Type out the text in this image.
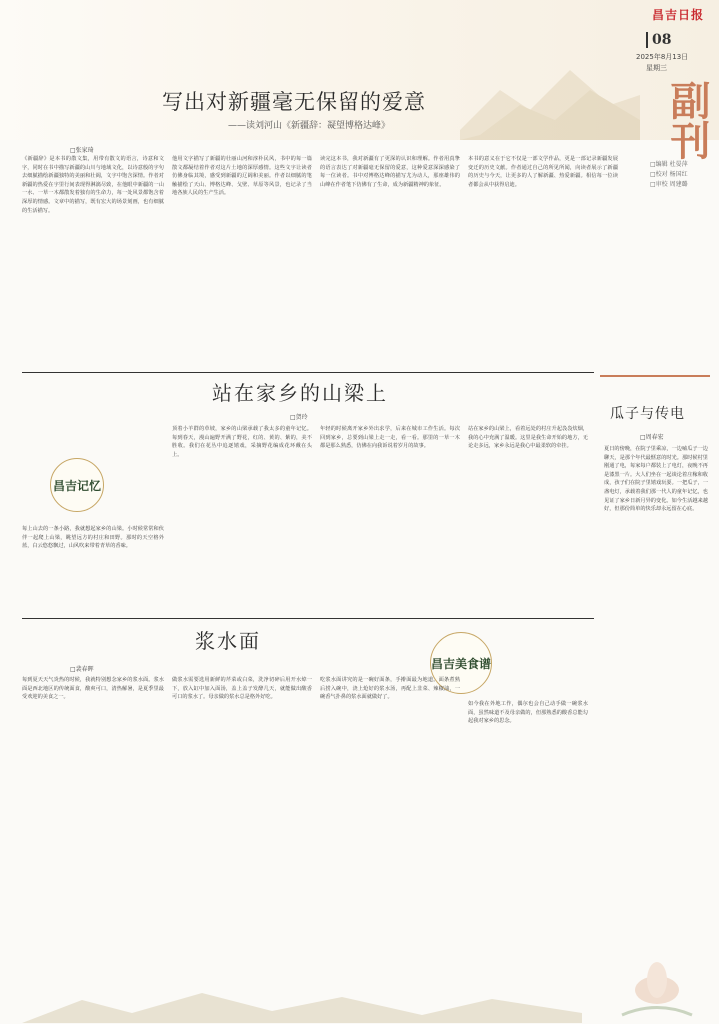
昌吉日报
08
2025年8月13日
星期三
副刊
□编辑 杜晏萍
□校对 杨国红
□审校 周建璐
写出对新疆毫无保留的爱意
——读刘河山《新疆辞：凝望博格达峰》
□张家琦
《新疆辞》是本书的散文集，用带有散文的语言，诗意和文字，同时在书中描写新疆的山川与地域文化，以诗意般的字句去细腻描绘新疆独特的美丽和壮阔，文字中饱含深情。作者对新疆的热爱在字里行间表现得淋漓尽致，在他眼中新疆的一山一水、一草一木都散发着独有的生命力，每一处风景都饱含着深厚的情感。文章中的描写，既有宏大的场景刻画，也有细腻的生活描写。
他用文字描写了新疆的壮丽山河和淳朴民风，书中的每一篇散文都凝结着作者对这片土地的深厚感情。这些文字让读者仿佛身临其境，感受到新疆的辽阔和美丽。作者以细腻的笔触描绘了天山、博格达峰、戈壁、草原等风景，也记录了当地各族人民的生产生活。
读完这本书，我对新疆有了更深的认识和理解。作者用真挚的语言表达了对新疆毫无保留的爱意，这种爱意深深感染了每一位读者。书中对博格达峰的描写尤为动人，那座雄伟的山峰在作者笔下仿佛有了生命，成为新疆精神的象征。
本书的意义在于它不仅是一部文学作品，更是一部记录新疆发展变迁的历史文献。作者通过自己的所见所闻，向读者展示了新疆的历史与今天，让更多的人了解新疆、热爱新疆。相信每一位读者都会从中获得启迪。
站在家乡的山梁上
□贺玲
昌吉记忆
每上山去的一条小路，我就想起家乡的山梁。小时候常常和伙伴一起爬上山梁，眺望远方的村庄和田野。那时的天空格外蓝，白云悠悠飘过，山风吹来带着青草的香味。
顶着小羊群的草坡，家乡的山梁承载了我太多的童年记忆。每到春天，漫山遍野开满了野花，红的、黄的、紫的，美不胜收。我们在花丛中追逐嬉戏，采摘野花编成花环戴在头上。
年轻的时候离开家乡外出求学，后来在城市工作生活。每次回到家乡，总要到山梁上走一走，看一看。那里的一草一木都是那么熟悉，仿佛在向我诉说着岁月的故事。
站在家乡的山梁上，看着远处的村庄升起袅袅炊烟，我的心中充满了温暖。这里是我生命开始的地方，无论走多远，家乡永远是我心中最柔软的牵挂。
浆水面
□裴春晖	昌吉美食谱
每到夏天天气炎热的时候，我就特别想念家乡的浆水面。浆水面是西北地区的传统面食，酸爽可口，清热解暑，是夏季里最受欢迎的美食之一。
做浆水需要选用新鲜的芹菜或白菜，洗净切碎后用开水焯一下，放入缸中加入面汤，盖上盖子发酵几天，就能做出酸香可口的浆水了。母亲做的浆水总是格外好吃。
吃浆水面讲究的是一碗好面条，手擀面最为地道。面条煮熟后捞入碗中，浇上炝好的浆水汤，再配上韭菜、辣椒油，一碗香气扑鼻的浆水面就做好了。
如今我在外地工作，偶尔也会自己动手做一碗浆水面，虽然味道不及母亲做的，但那熟悉的酸香总能勾起我对家乡的思念。
瓜子与传电
□周春宏
夏日的傍晚，在院子里乘凉，一边嗑瓜子一边聊天，是那个年代最惬意的时光。那时候村里刚通了电，每家每户都装上了电灯，夜晚不再是漆黑一片。大人们坐在一起谈论着庄稼和收成，孩子们在院子里嬉戏玩耍。一把瓜子，一盏电灯，承载着我们那一代人的童年记忆，也见证了家乡日新月异的变化。如今生活越来越好，但那份简单的快乐却永远留在心底。
